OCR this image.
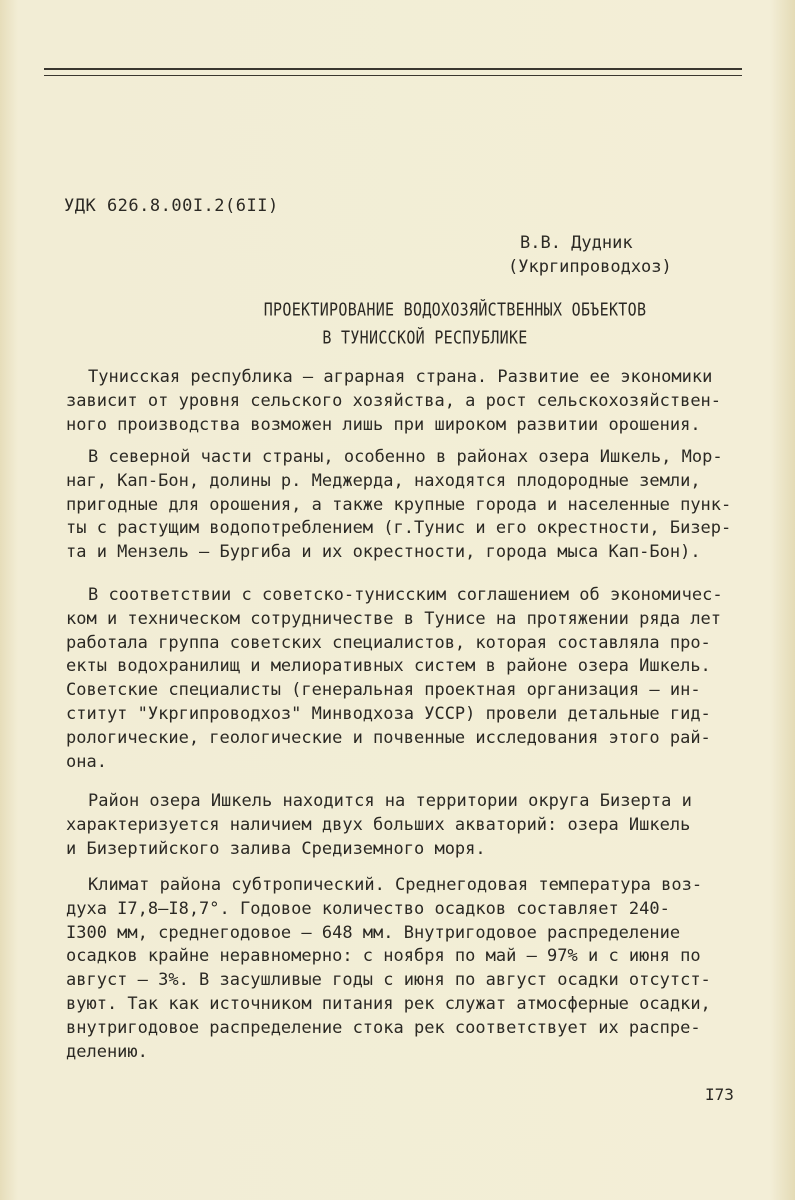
УДК 626.8.00I.2(6II)
В.В. Дудник
(Укргипроводхоз)
ПРОЕКТИРОВАНИЕ ВОДОХОЗЯЙСТВЕННЫХ ОБЪЕКТОВ
В ТУНИССКОЙ РЕСПУБЛИКЕ
Тунисская республика – аграрная страна. Развитие ее экономики
зависит от уровня сельского хозяйства, а рост сельскохозяйствен-
ного производства возможен лишь при широком развитии орошения.
В северной части страны, особенно в районах озера Ишкель, Мор-
наг, Кап-Бон, долины р. Меджерда, находятся плодородные земли,
пригодные для орошения, а также крупные города и населенные пунк-
ты с растущим водопотреблением (г.Тунис и его окрестности, Бизер-
та и Мензель – Бургиба и их окрестности, города мыса Кап-Бон).
В соответствии с советско-тунисским соглашением об экономичес-
ком и техническом сотрудничестве в Тунисе на протяжении ряда лет
работала группа советских специалистов, которая составляла про-
екты водохранилищ и мелиоративных систем в районе озера Ишкель.
Советские специалисты (генеральная проектная организация – ин-
ститут "Укргипроводхоз" Минводхоза УССР) провели детальные гид-
рологические, геологические и почвенные исследования этого рай-
она.
Район озера Ишкель находится на территории округа Бизерта и
характеризуется наличием двух больших акваторий: озера Ишкель
и Бизертийского залива Средиземного моря.
Климат района субтропический. Среднегодовая температура воз-
духа I7,8–I8,7°. Годовое количество осадков составляет 240-
I300 мм, среднегодовое – 648 мм. Внутригодовое распределение
осадков крайне неравномерно: с ноября по май – 97% и с июня по
август – 3%. В засушливые годы с июня по август осадки отсутст-
вуют. Так как источником питания рек служат атмосферные осадки,
внутригодовое распределение стока рек соответствует их распре-
делению.
I73
